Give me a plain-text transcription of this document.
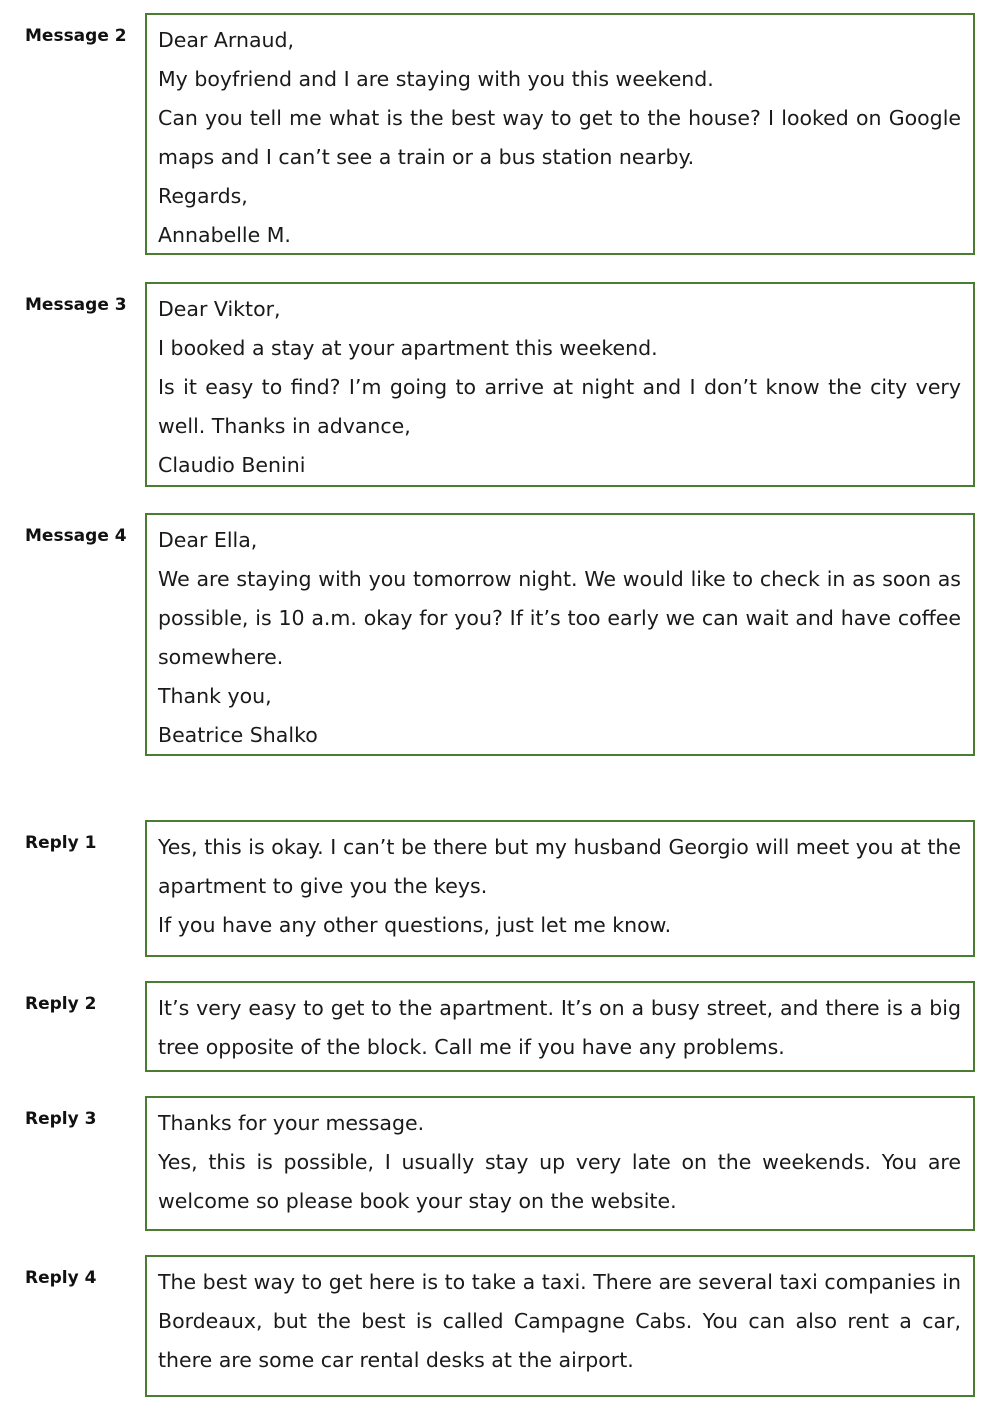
Message 2 Dear Arnaud,

My boyfriend and I are staying with you this weekend.

Can you tell me what is the best way to get to the house? I looked on Google maps and I can’t see a train or a bus station nearby.

Regards,

Annabelle M.

Message 3 Dear Viktor,

I booked a stay at your apartment this weekend.

Is it easy to find? I’m going to arrive at night and I don’t know the city very well. Thanks in advance,

Claudio Benini

Message 4 Dear Ella,

We are staying with you tomorrow night. We would like to check in as soon as possible, is 10 a.m. okay for you? If it’s too early we can wait and have coffee somewhere.

Thank you,

Beatrice Shalko

Reply 1	Yes, this is okay. I can’t be there but my husband Georgio will meet you at the apartment to give you the keys.

If you have any other questions, just let me know.

Reply 2	It’s very easy to get to the apartment. It’s on a busy street, and there is a big tree opposite of the block. Call me if you have any problems.

Reply 3	Thanks for your message.

Yes, this is possible, I usually stay up very late on the weekends. You are welcome so please book your stay on the website.

Reply 4	The best way to get here is to take a taxi. There are several taxi companies in Bordeaux, but the best is called Campagne Cabs. You can also rent a car, there are some car rental desks at the airport.
